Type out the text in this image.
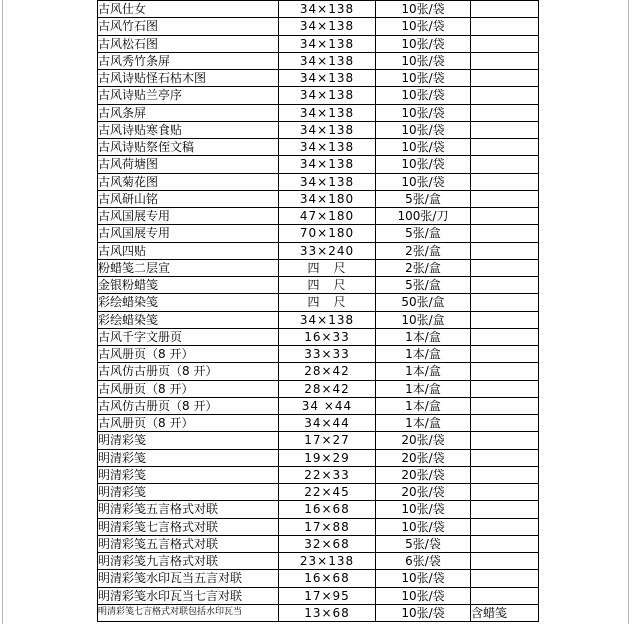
古风仕女	34×138	10张/袋	
古风竹石图	34×138	10张/袋	
古风松石图	34×138	10张/袋	
古风秀竹条屏	34×138	10张/袋	
古风诗贴怪石枯木图	34×138	10张/袋	
古风诗贴兰亭序	34×138	10张/袋	
古风条屏	34×138	10张/袋	
古风诗贴寒食贴	34×138	10张/袋	
古风诗贴祭侄文稿	34×138	10张/袋	
古风荷塘图	34×138	10张/袋	
古风菊花图	34×138	10张/袋	
古风研山铭	34×180	5张/盒	
古风国展专用	47×180	100张/刀	
古风国展专用	70×180	5张/盒	
古风四贴	33×240	2张/盒	
粉蜡笺二层宣	四　尺	2张/盒	
金银粉蜡笺	四　尺	5张/盒	
彩绘蜡染笺	四　尺	50张/盒	
彩绘蜡染笺	34×138	10张/盒	
古风千字文册页	16×33	1本/盒	
古风册页（8 开）	33×33	1本/盒	
古风仿古册页（8 开）	28×42	1本/盒	
古风册页（8 开）	28×42	1本/盒	
古风仿古册页（8 开）	34 ×44	1本/盒	
古风册页（8 开）	34×44	1本/盒	
明清彩笺	17×27	20张/袋	
明清彩笺	19×29	20张/袋	
明清彩笺	22×33	20张/袋	
明清彩笺	22×45	20张/袋	
明清彩笺五言格式对联	16×68	10张/袋	
明清彩笺七言格式对联	17×88	10张/袋	
明清彩笺五言格式对联	32×68	5张/袋	
明清彩笺九言格式对联	23×138	6张/袋	
明清彩笺水印瓦当五言对联	16×68	10张/袋	
明清彩笺水印瓦当七言对联	17×95	10张/袋	
明清彩笺七言格式对联包括水印瓦当	13×68	10张/袋	含蜡笺
